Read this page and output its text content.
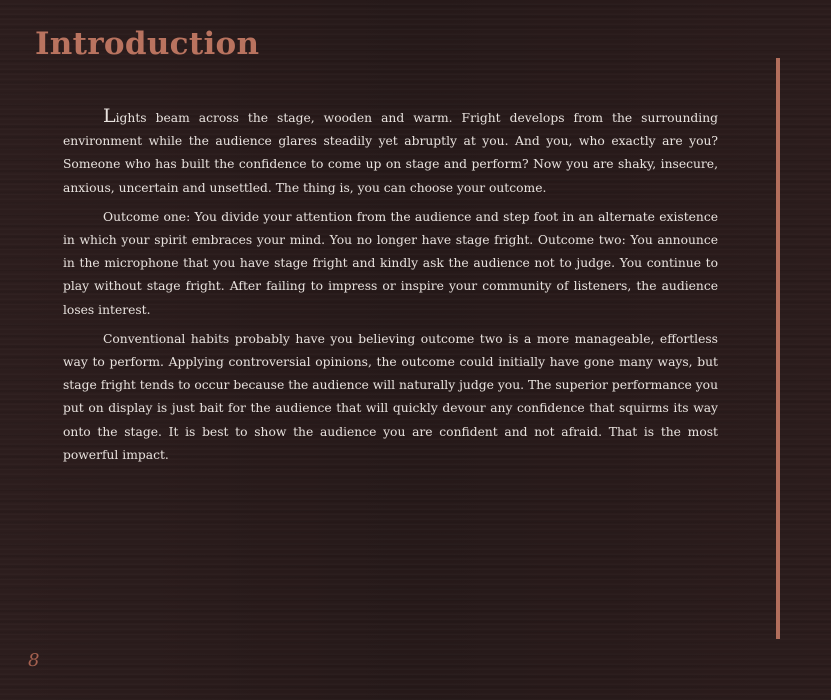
Introduction

Lights beam across the stage, wooden and warm. Fright develops from the surrounding environment while the audience glares steadily yet abruptly at you. And you, who exactly are you? Someone who has built the confidence to come up on stage and perform? Now you are shaky, insecure, anxious, uncertain and unsettled. The thing is, you can choose your outcome.

Outcome one: You divide your attention from the audience and step foot in an alternate existence in which your spirit embraces your mind. You no longer have stage fright. Outcome two: You announce in the microphone that you have stage fright and kindly ask the audience not to judge. You continue to play without stage fright. After failing to impress or inspire your community of listeners, the audience loses interest.

Conventional habits probably have you believing outcome two is a more manageable, effortless way to perform. Applying controversial opinions, the outcome could initially have gone many ways, but stage fright tends to occur because the audience will naturally judge you. The superior performance you put on display is just bait for the audience that will quickly devour any confidence that squirms its way onto the stage. It is best to show the audience you are confident and not afraid. That is the most powerful impact.

8
